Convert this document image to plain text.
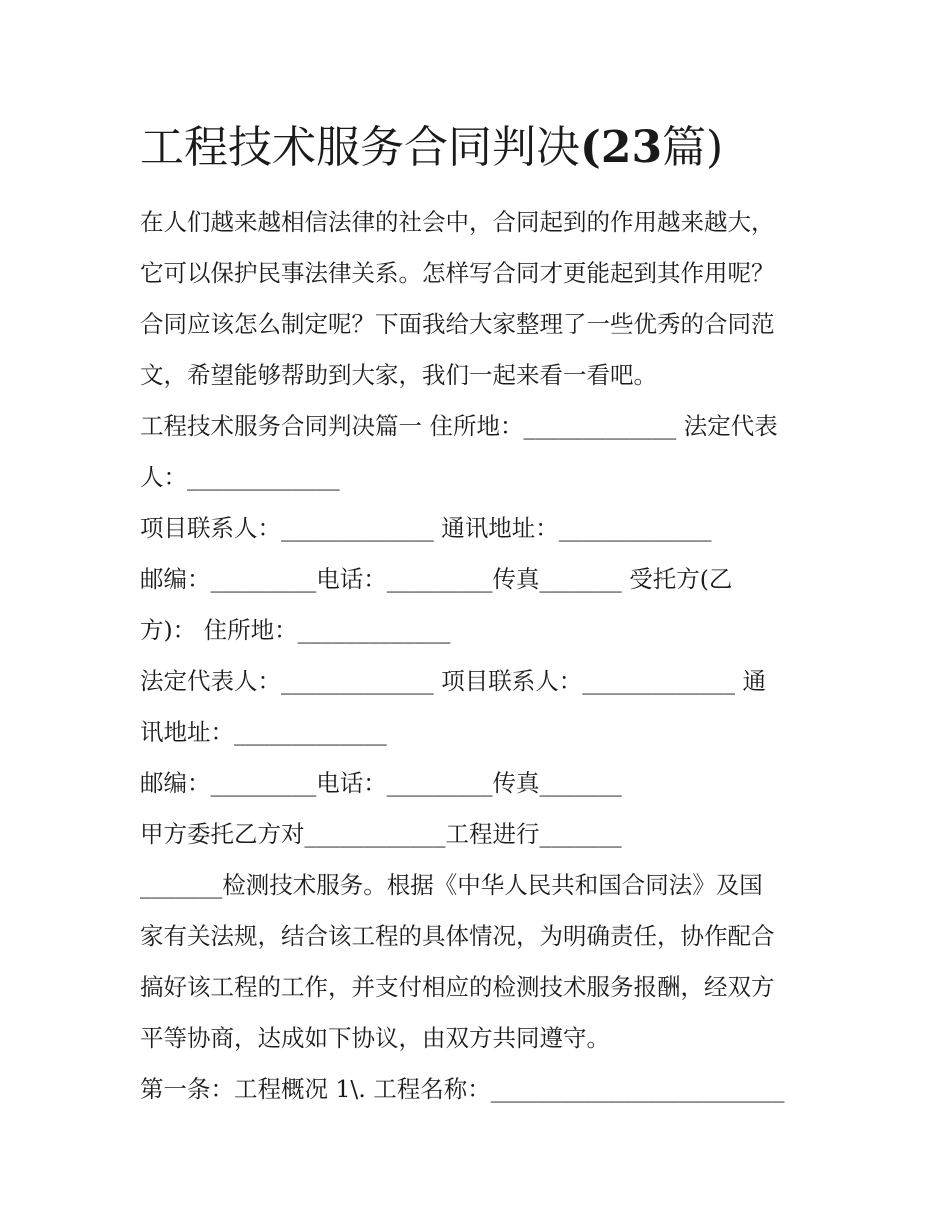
工程技术服务合同判决(23篇)

在人们越来越相信法律的社会中，合同起到的作用越来越大，

它可以保护民事法律关系。怎样写合同才更能起到其作用呢？

合同应该怎么制定呢？下面我给大家整理了一些优秀的合同范

文，希望能够帮助到大家，我们一起来看一看吧。

工程技术服务合同判决篇一 住所地：_____________ 法定代表

人：_____________

项目联系人：_____________ 通讯地址：_____________

邮编：_________电话：_________传真_______ 受托方(乙

方)： 住所地：_____________

法定代表人：_____________ 项目联系人：_____________ 通

讯地址：_____________

邮编：_________电话：_________传真_______

甲方委托乙方对____________工程进行_______

_______检测技术服务。根据《中华人民共和国合同法》及国

家有关法规，结合该工程的具体情况，为明确责任，协作配合

搞好该工程的工作，并支付相应的检测技术服务报酬，经双方

平等协商，达成如下协议，由双方共同遵守。

第一条：工程概况 1\. 工程名称：_________________________
